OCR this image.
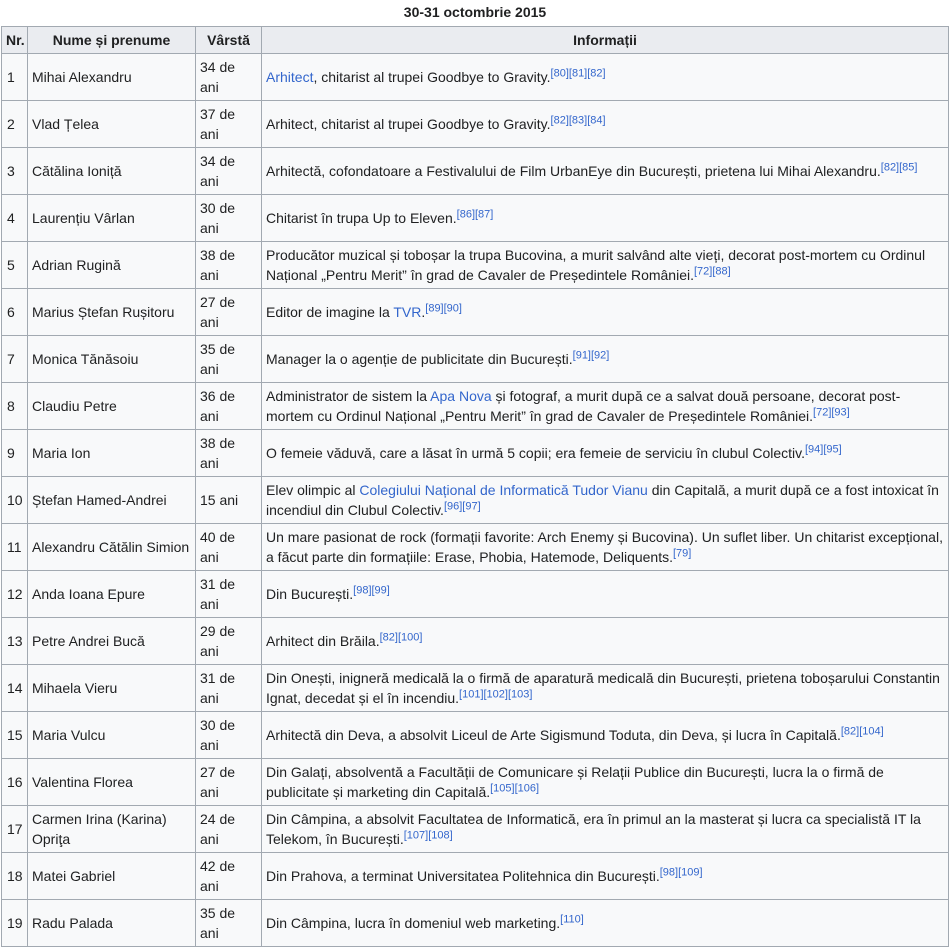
30-31 octombrie 2015
Nr.	Nume și prenume	Vârstă	Informații
1	Mihai Alexandru	34 de ani	Arhitect, chitarist al trupei Goodbye to Gravity.[80][81][82]
2	Vlad Țelea	37 de ani	Arhitect, chitarist al trupei Goodbye to Gravity.[82][83][84]
3	Cătălina Ioniță	34 de ani	Arhitectă, cofondatoare a Festivalului de Film UrbanEye din București, prietena lui Mihai Alexandru.[82][85]
4	Laurențiu Vârlan	30 de ani	Chitarist în trupa Up to Eleven.[86][87]
5	Adrian Rugină	38 de ani	Producător muzical și toboșar la trupa Bucovina, a murit salvând alte vieți, decorat post-mortem cu Ordinul Național „Pentru Merit” în grad de Cavaler de Președintele României.[72][88]
6	Marius Ștefan Rușitoru	27 de ani	Editor de imagine la TVR.[89][90]
7	Monica Tănăsoiu	35 de ani	Manager la o agenție de publicitate din București.[91][92]
8	Claudiu Petre	36 de ani	Administrator de sistem la Apa Nova și fotograf, a murit după ce a salvat două persoane, decorat post-mortem cu Ordinul Național „Pentru Merit” în grad de Cavaler de Președintele României.[72][93]
9	Maria Ion	38 de ani	O femeie văduvă, care a lăsat în urmă 5 copii; era femeie de serviciu în clubul Colectiv.[94][95]
10	Ștefan Hamed-Andrei	15 ani	Elev olimpic al Colegiului Național de Informatică Tudor Vianu din Capitală, a murit după ce a fost intoxicat în incendiul din Clubul Colectiv.[96][97]
11	Alexandru Cătălin Simion	40 de ani	Un mare pasionat de rock (formații favorite: Arch Enemy și Bucovina). Un suflet liber. Un chitarist excepțional, a făcut parte din formațiile: Erase, Phobia, Hatemode, Deliquents.[79]
12	Anda Ioana Epure	31 de ani	Din București.[98][99]
13	Petre Andrei Bucă	29 de ani	Arhitect din Brăila.[82][100]
14	Mihaela Vieru	31 de ani	Din Onești, inigneră medicală la o firmă de aparatură medicală din București, prietena toboșarului Constantin Ignat, decedat și el în incendiu.[101][102][103]
15	Maria Vulcu	30 de ani	Arhitectă din Deva, a absolvit Liceul de Arte Sigismund Toduta, din Deva, și lucra în Capitală.[82][104]
16	Valentina Florea	27 de ani	Din Galați, absolventă a Facultății de Comunicare și Relații Publice din București, lucra la o firmă de publicitate și marketing din Capitală.[105][106]
17	Carmen Irina (Karina) Opriţa	24 de ani	Din Câmpina, a absolvit Facultatea de Informatică, era în primul an la masterat și lucra ca specialistă IT la Telekom, în București.[107][108]
18	Matei Gabriel	42 de ani	Din Prahova, a terminat Universitatea Politehnica din București.[98][109]
19	Radu Palada	35 de ani	Din Câmpina, lucra în domeniul web marketing.[110]
